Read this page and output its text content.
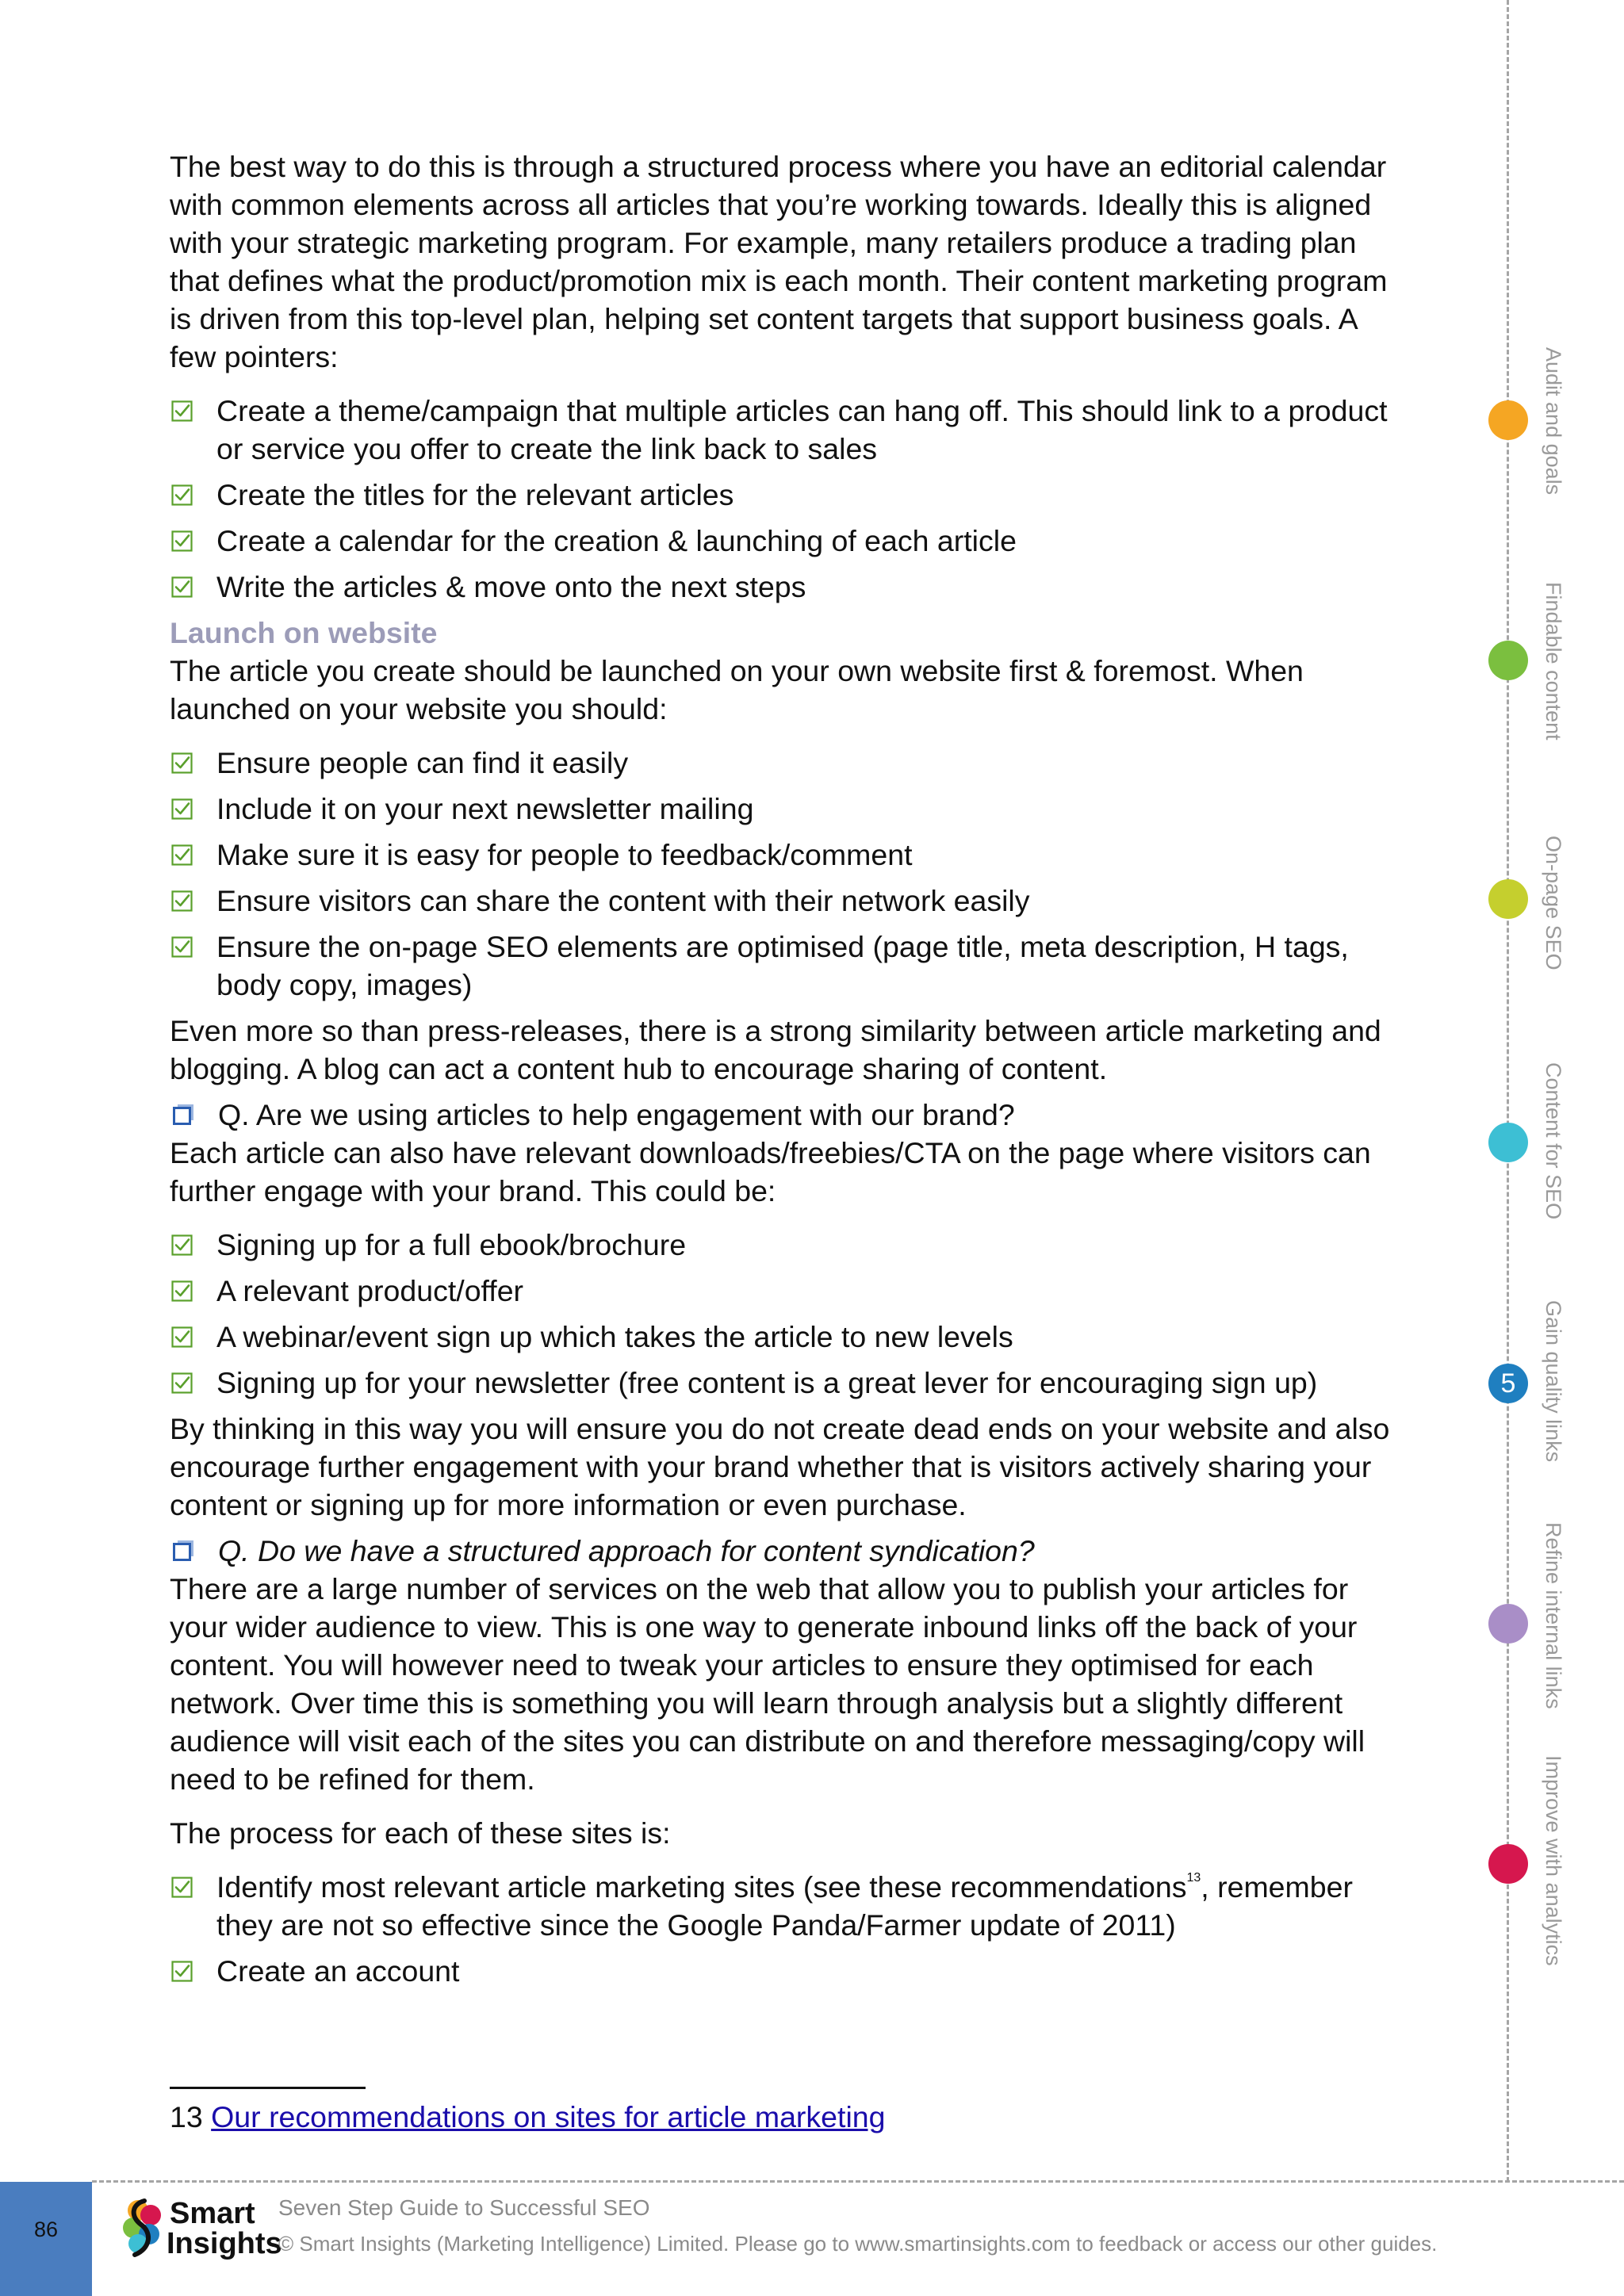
The best way to do this is through a structured process where you have an editorial calendar with common elements across all articles that you’re working towards. Ideally this is aligned with your strategic marketing program. For example, many retailers produce a trading plan that defines what the product/promotion mix is each month. Their content marketing program is driven from this top-level plan, helping set content targets that support business goals. A few pointers:

Create a theme/campaign that multiple articles can hang off. This should link to a product or service you offer to create the link back to sales
Create the titles for the relevant articles
Create a calendar for the creation & launching of each article
Write the articles & move onto the next steps

Launch on website

The article you create should be launched on your own website first & foremost. When launched on your website you should:

Ensure people can find it easily
Include it on your next newsletter mailing
Make sure it is easy for people to feedback/comment
Ensure visitors can share the content with their network easily
Ensure the on-page SEO elements are optimised (page title, meta description, H tags, body copy, images)

Even more so than press-releases, there is a strong similarity between article marketing and blogging. A blog can act a content hub to encourage sharing of content.

Q. Are we using articles to help engagement with our brand?

Each article can also have relevant downloads/freebies/CTA on the page where visitors can further engage with your brand. This could be:

Signing up for a full ebook/brochure
A relevant product/offer
A webinar/event sign up which takes the article to new levels
Signing up for your newsletter (free content is a great lever for encouraging sign up)

By thinking in this way you will ensure you do not create dead ends on your website and also encourage further engagement with your brand whether that is visitors actively sharing your content or signing up for more information or even purchase.

Q. Do we have a structured approach for content syndication?

There are a large number of services on the web that allow you to publish your articles for your wider audience to view. This is one way to generate inbound links off the back of your content. You will however need to tweak your articles to ensure they optimised for each network. Over time this is something you will learn through analysis but a slightly different audience will visit each of the sites you can distribute on and therefore messaging/copy will need to be refined for them.

The process for each of these sites is:

Identify most relevant article marketing sites (see these recommendations$^{13}$, remember they are not so effective since the Google Panda/Farmer update of 2011)
Create an account
13 Our recommendations on sites for article marketing
Audit and goals
Findable content
On-page SEO
Content for SEO
5	Gain quality links
Refine internal links
Improve with analytics
86	Smart
Insights
Seven Step Guide to Successful SEO
© Smart Insights (Marketing Intelligence) Limited. Please go to www.smartinsights.com to feedback or access our other guides.
